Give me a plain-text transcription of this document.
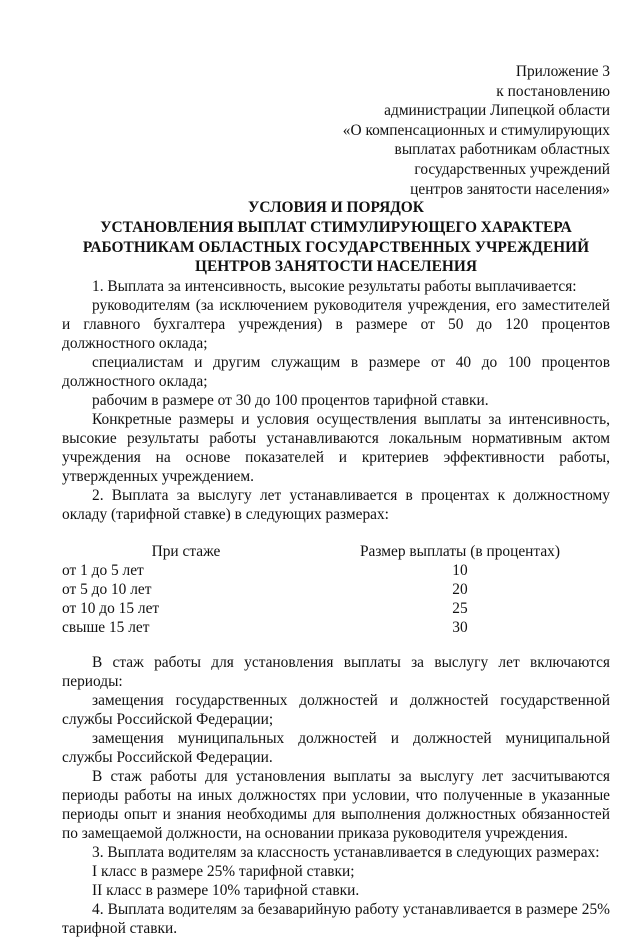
Приложение 3
к постановлению
администрации Липецкой области
«О компенсационных и стимулирующих
выплатах работникам областных
государственных учреждений
центров занятости населения»
УСЛОВИЯ И ПОРЯДОК
УСТАНОВЛЕНИЯ ВЫПЛАТ СТИМУЛИРУЮЩЕГО ХАРАКТЕРА
РАБОТНИКАМ ОБЛАСТНЫХ ГОСУДАРСТВЕННЫХ УЧРЕЖДЕНИЙ
ЦЕНТРОВ ЗАНЯТОСТИ НАСЕЛЕНИЯ

1. Выплата за интенсивность, высокие результаты работы выплачивается:

руководителям (за исключением руководителя учреждения, его заместителей и главного бухгалтера учреждения) в размере от 50 до 120 процентов должностного оклада;

специалистам и другим служащим в размере от 40 до 100 процентов должностного оклада;

рабочим в размере от 30 до 100 процентов тарифной ставки.

Конкретные размеры и условия осуществления выплаты за интенсивность, высокие результаты работы устанавливаются локальным нормативным актом учреждения на основе показателей и критериев эффективности работы, утвержденных учреждением.

2. Выплата за выслугу лет устанавливается в процентах к должностному окладу (тарифной ставке) в следующих размерах:

При стаже	Размер выплаты (в процентах)
от 1 до 5 лет	10
от 5 до 10 лет	20
от 10 до 15 лет	25
свыше 15 лет	30

В стаж работы для установления выплаты за выслугу лет включаются периоды:

замещения государственных должностей и должностей государственной службы Российской Федерации;

замещения муниципальных должностей и должностей муниципальной службы Российской Федерации.

В стаж работы для установления выплаты за выслугу лет засчитываются периоды работы на иных должностях при условии, что полученные в указанные периоды опыт и знания необходимы для выполнения должностных обязанностей по замещаемой должности, на основании приказа руководителя учреждения.

3. Выплата водителям за классность устанавливается в следующих размерах:

I класс в размере 25% тарифной ставки;

II класс в размере 10% тарифной ставки.

4. Выплата водителям за безаварийную работу устанавливается в размере 25% тарифной ставки.
